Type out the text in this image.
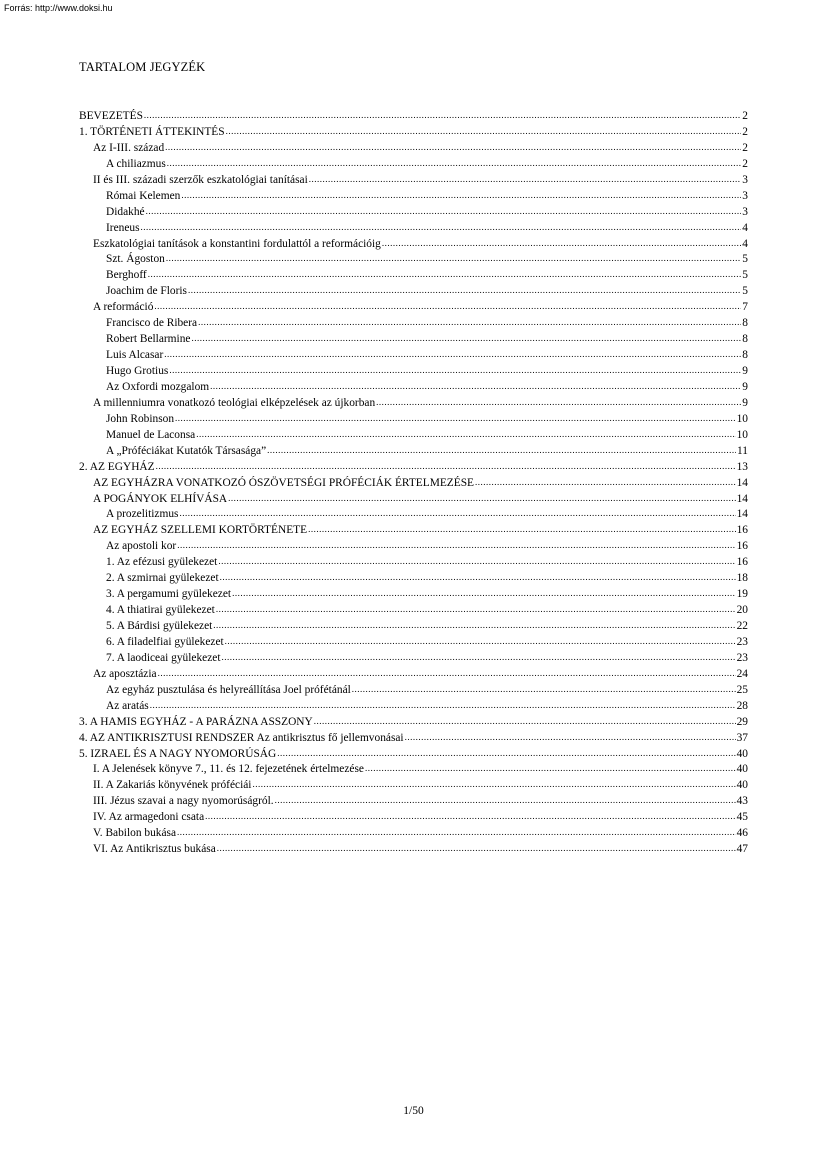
Forrás: http://www.doksi.hu
TARTALOM JEGYZÉK
BEVEZETÉS .....	2
1. TÖRTÉNETI ÁTTEKINTÉS .....	2
Az I-III. század .....	2
A chiliazmus .....	2
II és III. századi szerzők eszkatológiai tanításai .....	3
Római Kelemen .....	3
Didakhé .....	3
Ireneus .....	4
Eszkatológiai tanítások a konstantini fordulattól a reformációig .....	4
Szt. Ágoston .....	5
Berghoff .....	5
Joachim de Floris .....	5
A reformáció .....	7
Francisco de Ribera .....	8
Robert Bellarmine .....	8
Luis Alcasar .....	8
Hugo Grotius .....	9
Az Oxfordi mozgalom .....	9
A millenniumra vonatkozó teológiai elképzelések az újkorban .....	9
John Robinson .....	10
Manuel de Laconsa .....	10
A „Próféciákat Kutatók Társasága” .....	11
2. AZ EGYHÁZ .....	13
AZ EGYHÁZRA VONATKOZÓ ÓSZÖVETSÉGI PRÓFÉCIÁK ÉRTELMEZÉSE .....	14
A POGÁNYOK ELHÍVÁSA .....	14
A prozelitizmus .....	14
AZ EGYHÁZ SZELLEMI KORTÖRTÉNETE .....	16
Az apostoli kor .....	16
1. Az efézusi gyülekezet .....	16
2. A szmirnai gyülekezet .....	18
3. A pergamumi gyülekezet .....	19
4. A thiatirai gyülekezet .....	20
5. A Bárdisi gyülekezet .....	22
6. A filadelfiai gyülekezet .....	23
7. A laodiceai gyülekezet .....	23
Az aposztázia .....	24
Az egyház pusztulása és helyreállítása Joel prófétánál .....	25
Az aratás .....	28
3. A HAMIS EGYHÁZ - A PARÁZNA ASSZONY .....	29
4. AZ ANTIKRISZTUSI RENDSZER Az antikrisztus fő jellemvonásai .....	37
5. IZRAEL ÉS A NAGY NYOMORÚSÁG .....	40
I. A Jelenések könyve 7., 11. és 12. fejezetének értelmezése .....	40
II. A Zakariás könyvének próféciái .....	40
III. Jézus szavai a nagy nyomorúságról. .....	43
IV. Az armagedoni csata .....	45
V. Babilon bukása .....	46
VI. Az Antikrisztus bukása .....	47
1/50
